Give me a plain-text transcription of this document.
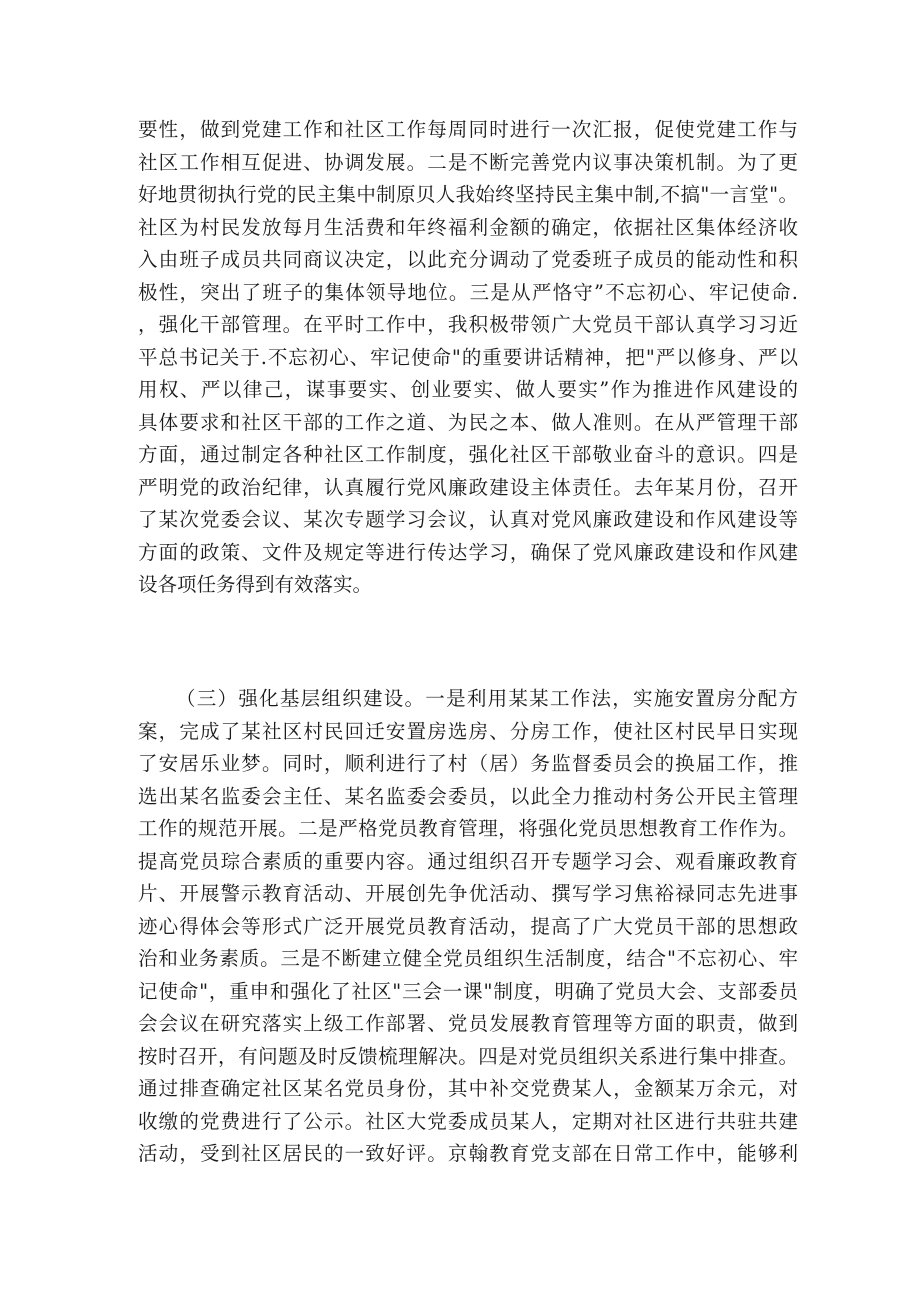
要性，做到党建工作和社区工作每周同时进行一次汇报，促使党建工作与
社区工作相互促进、协调发展。二是不断完善党内议事决策机制。为了更
好地贯彻执行党的民主集中制原贝人我始终坚持民主集中制,不搞"一言堂"。
社区为村民发放每月生活费和年终福利金额的确定，依据社区集体经济收
入由班子成员共同商议决定，以此充分调动了党委班子成员的能动性和积
极性，突出了班子的集体领导地位。三是从严恪守”不忘初心、牢记使命.
，强化干部管理。在平时工作中，我积极带领广大党员干部认真学习习近
平总书记关于.不忘初心、牢记使命"的重要讲话精神，把"严以修身、严以
用权、严以律己，谋事要实、创业要实、做人要实”作为推进作风建设的
具体要求和社区干部的工作之道、为民之本、做人准则。在从严管理干部
方面，通过制定各种社区工作制度，强化社区干部敬业奋斗的意识。四是
严明党的政治纪律，认真履行党风廉政建设主体责任。去年某月份，召开
了某次党委会议、某次专题学习会议，认真对党风廉政建设和作风建设等
方面的政策、文件及规定等进行传达学习，确保了党风廉政建设和作风建
设各项任务得到有效落实。
（三）强化基层组织建设。一是利用某某工作法，实施安置房分配方
案，完成了某社区村民回迁安置房选房、分房工作，使社区村民早日实现
了安居乐业梦。同时，顺利进行了村（居）务监督委员会的换届工作，推
选出某名监委会主任、某名监委会委员，以此全力推动村务公开民主管理
工作的规范开展。二是严格党员教育管理，将强化党员思想教育工作作为。
提高党员琮合素质的重要内容。通过组织召开专题学习会、观看廉政教育
片、开展警示教育活动、开展创先争优活动、撰写学习焦裕禄同志先进事
迹心得体会等形式广泛开展党员教育活动，提高了广大党员干部的思想政
治和业务素质。三是不断建立健全党员组织生活制度，结合"不忘初心、牢
记使命"，重申和强化了社区"三会一课"制度，明确了党员大会、支部委员
会会议在研究落实上级工作部署、党员发展教育管理等方面的职责，做到
按时召开，有问题及时反馈梳理解决。四是对党员组织关系进行集中排查。
通过排查确定社区某名党员身份，其中补交党费某人，金额某万余元，对
收缴的党费进行了公示。社区大党委成员某人，定期对社区进行共驻共建
活动，受到社区居民的一致好评。京翰教育党支部在日常工作中，能够利
